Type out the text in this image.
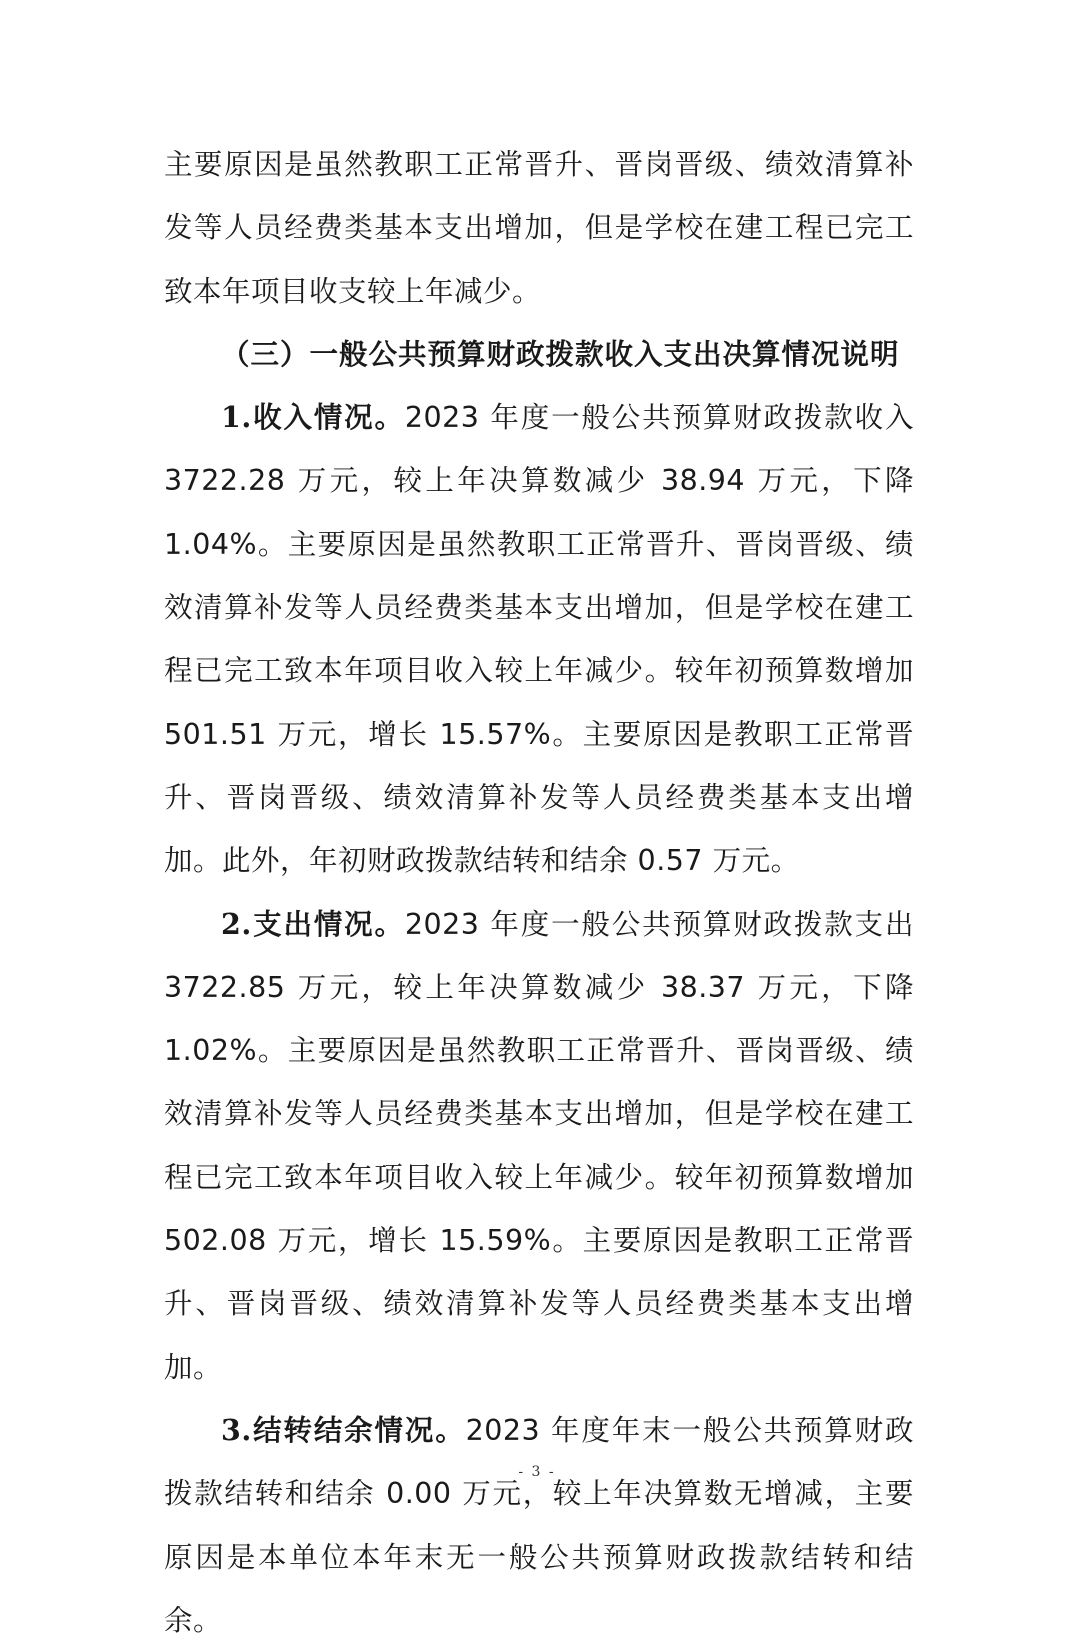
主要原因是虽然教职工正常晋升、晋岗晋级、绩效清算补发等人员经费类基本支出增加，但是学校在建工程已完工致本年项目收支较上年减少。

（三）一般公共预算财政拨款收入支出决算情况说明

1.收入情况。2023 年度一般公共预算财政拨款收入 3722.28 万元，较上年决算数减少 38.94 万元，下降 1.04%。主要原因是虽然教职工正常晋升、晋岗晋级、绩效清算补发等人员经费类基本支出增加，但是学校在建工程已完工致本年项目收入较上年减少。较年初预算数增加 501.51 万元，增长 15.57%。主要原因是教职工正常晋升、晋岗晋级、绩效清算补发等人员经费类基本支出增加。此外，年初财政拨款结转和结余 0.57 万元。

2.支出情况。2023 年度一般公共预算财政拨款支出 3722.85 万元，较上年决算数减少 38.37 万元，下降 1.02%。主要原因是虽然教职工正常晋升、晋岗晋级、绩效清算补发等人员经费类基本支出增加，但是学校在建工程已完工致本年项目收入较上年减少。较年初预算数增加 502.08 万元，增长 15.59%。主要原因是教职工正常晋升、晋岗晋级、绩效清算补发等人员经费类基本支出增加。

3.结转结余情况。2023 年度年末一般公共预算财政拨款结转和结余 0.00 万元，较上年决算数无增减，主要原因是本单位本年末无一般公共预算财政拨款结转和结余。

- 3 -
